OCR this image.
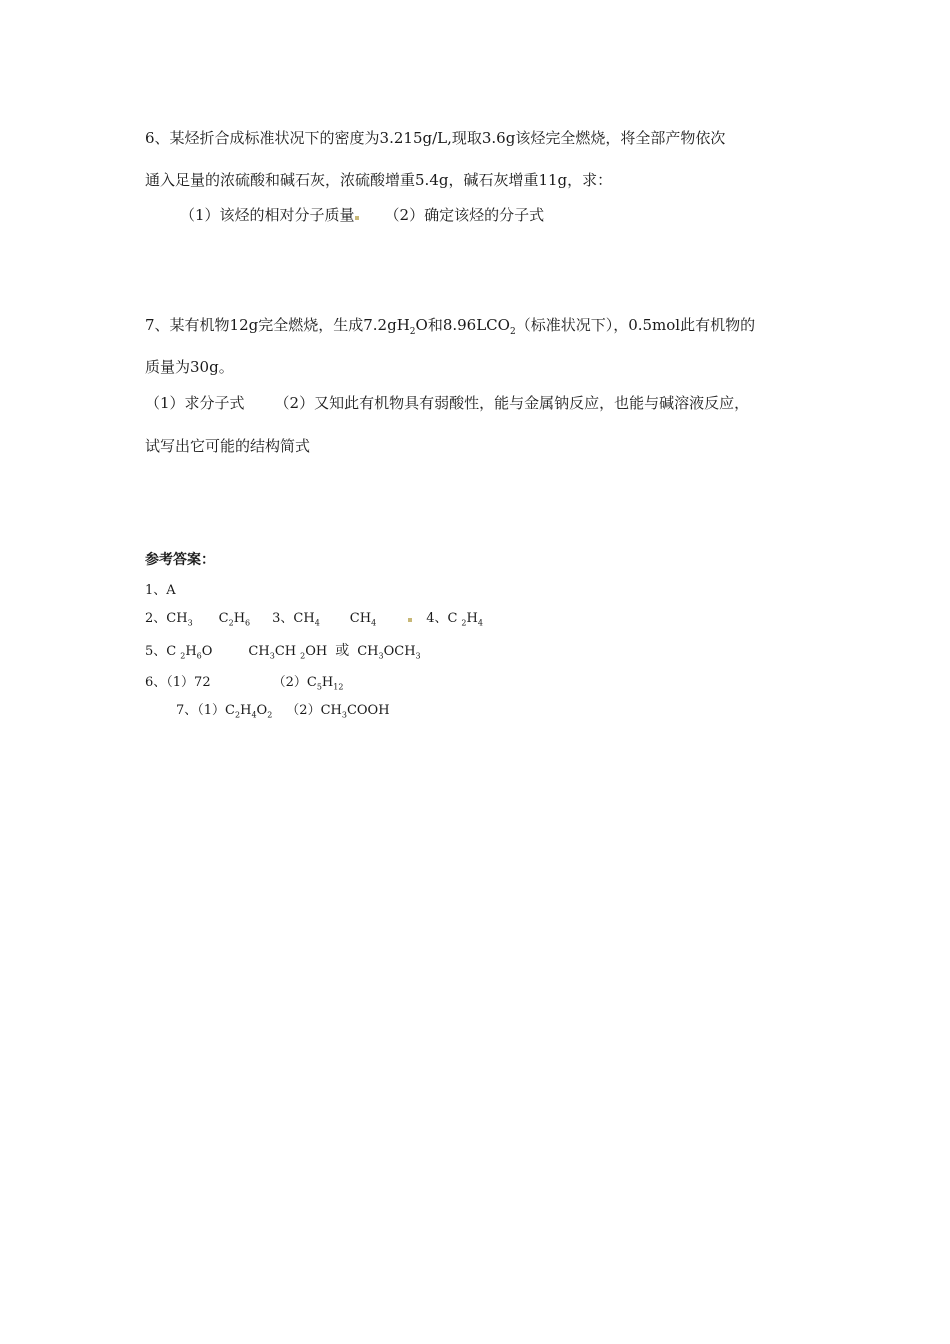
6、某烃折合成标准状况下的密度为3.215g/L,现取3.6g该烃完全燃烧，将全部产物依次
通入足量的浓硫酸和碱石灰，浓硫酸增重5.4g，碱石灰增重11g，求：
（1）该烃的相对分子质量 （2）确定该烃的分子式
7、某有机物12g完全燃烧，生成$7.2gH_2O$和$8.96LCO_2$（标准状况下），0.5mol此有机物的
质量为30g。
（1）求分子式 （2）又知此有机物具有弱酸性，能与金属钠反应，也能与碱溶液反应，
试写出它可能的结构简式
参考答案：
1、A
2、$CH_3$ $C_2H_6$ 3、$CH_4$ $CH_4$	4、C $_2H_4$
5、C $_2H_6O$	$CH_3CH$ $_2$OH 或 $CH_3OCH_3$
6、（1）72	$(2)C_5H_{12}$
7、$(1)C_2H_4O_2$ $(2)CH_3COOH$
